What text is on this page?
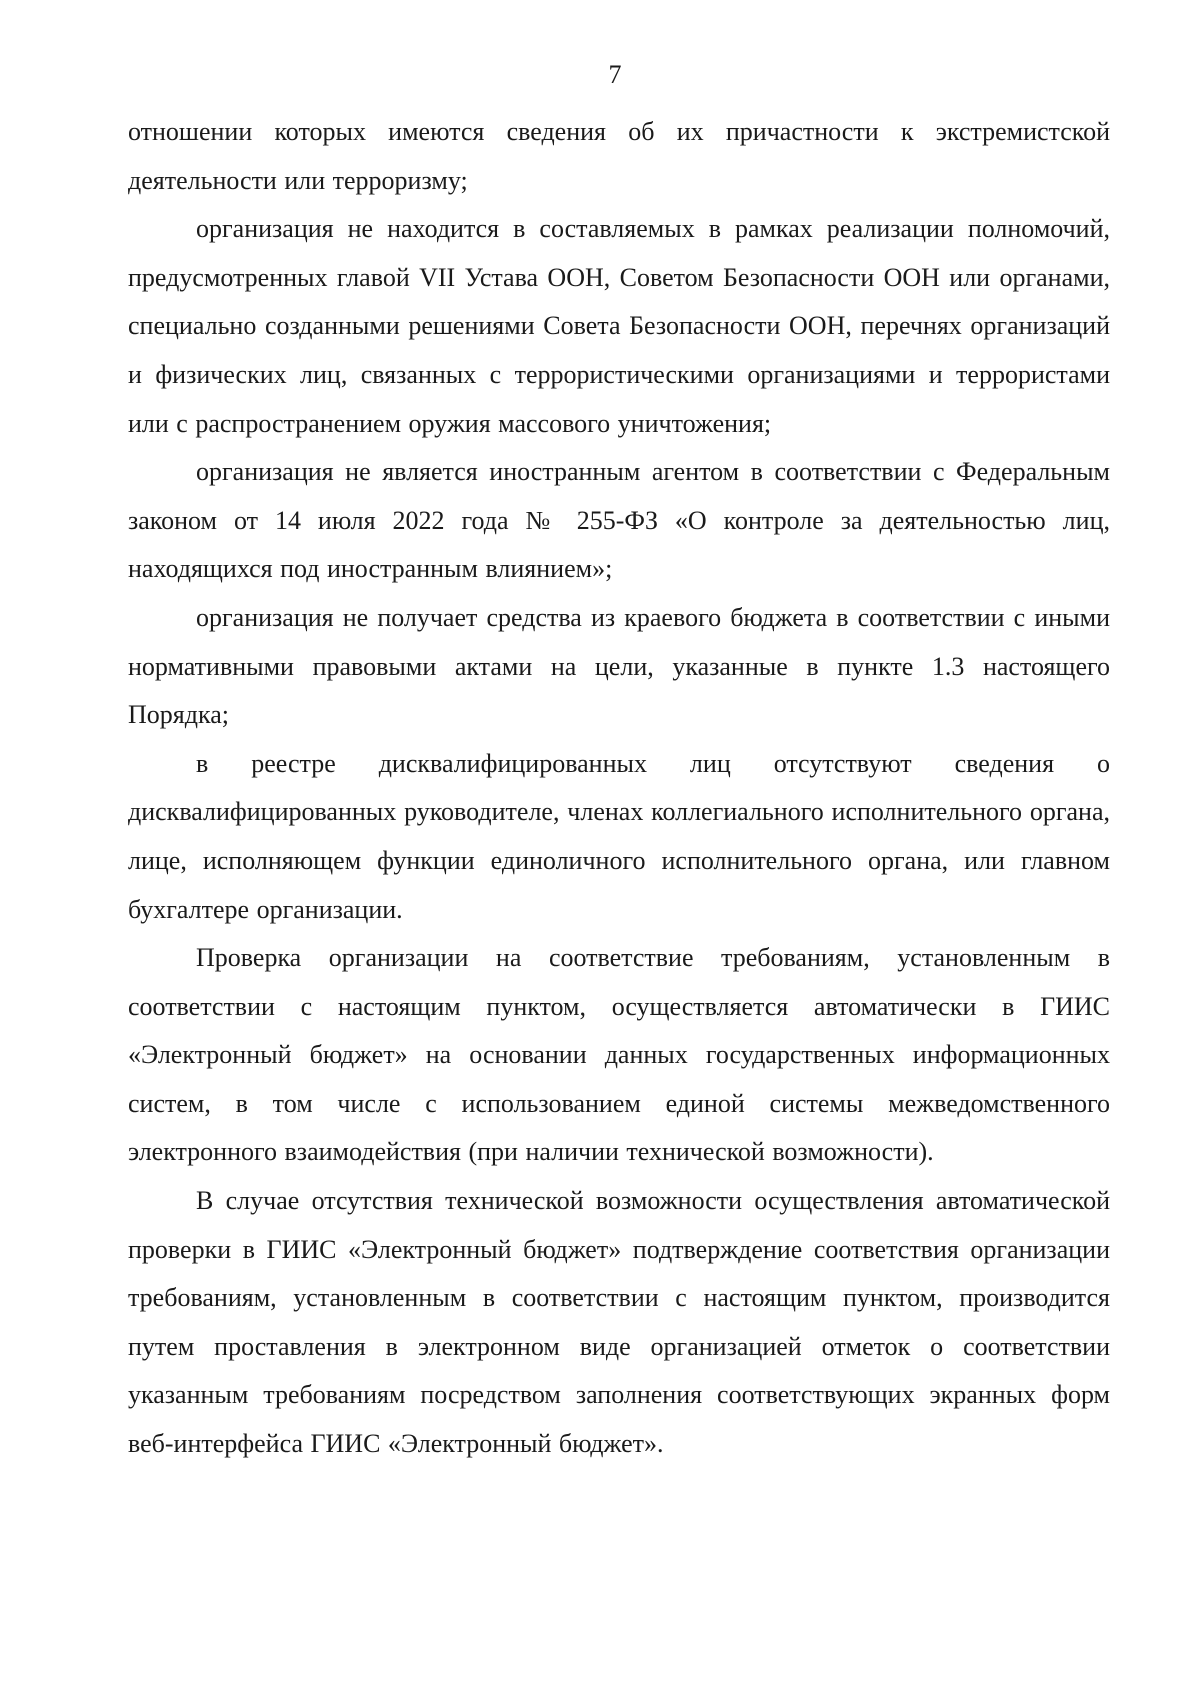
7

отношении которых имеются сведения об их причастности к экстремистской деятельности или терроризму;

организация не находится в составляемых в рамках реализации полномочий, предусмотренных главой VII Устава ООН, Советом Безопасности ООН или органами, специально созданными решениями Совета Безопасности ООН, перечнях организаций и физических лиц, связанных с террористическими организациями и террористами или с распространением оружия массового уничтожения;

организация не является иностранным агентом в соответствии с Федеральным законом от 14 июля 2022 года № 255-ФЗ «О контроле за деятельностью лиц, находящихся под иностранным влиянием»;

организация не получает средства из краевого бюджета в соответствии с иными нормативными правовыми актами на цели, указанные в пункте 1.3 настоящего Порядка;

в реестре дисквалифицированных лиц отсутствуют сведения о дисквалифицированных руководителе, членах коллегиального исполнительного органа, лице, исполняющем функции единоличного исполнительного органа, или главном бухгалтере организации.

Проверка организации на соответствие требованиям, установленным в соответствии с настоящим пунктом, осуществляется автоматически в ГИИС «Электронный бюджет» на основании данных государственных информационных систем, в том числе с использованием единой системы межведомственного электронного взаимодействия (при наличии технической возможности).

В случае отсутствия технической возможности осуществления автоматической проверки в ГИИС «Электронный бюджет» подтверждение соответствия организации требованиям, установленным в соответствии с настоящим пунктом, производится путем проставления в электронном виде организацией отметок о соответствии указанным требованиям посредством заполнения соответствующих экранных форм веб-интерфейса ГИИС «Электронный бюджет».
